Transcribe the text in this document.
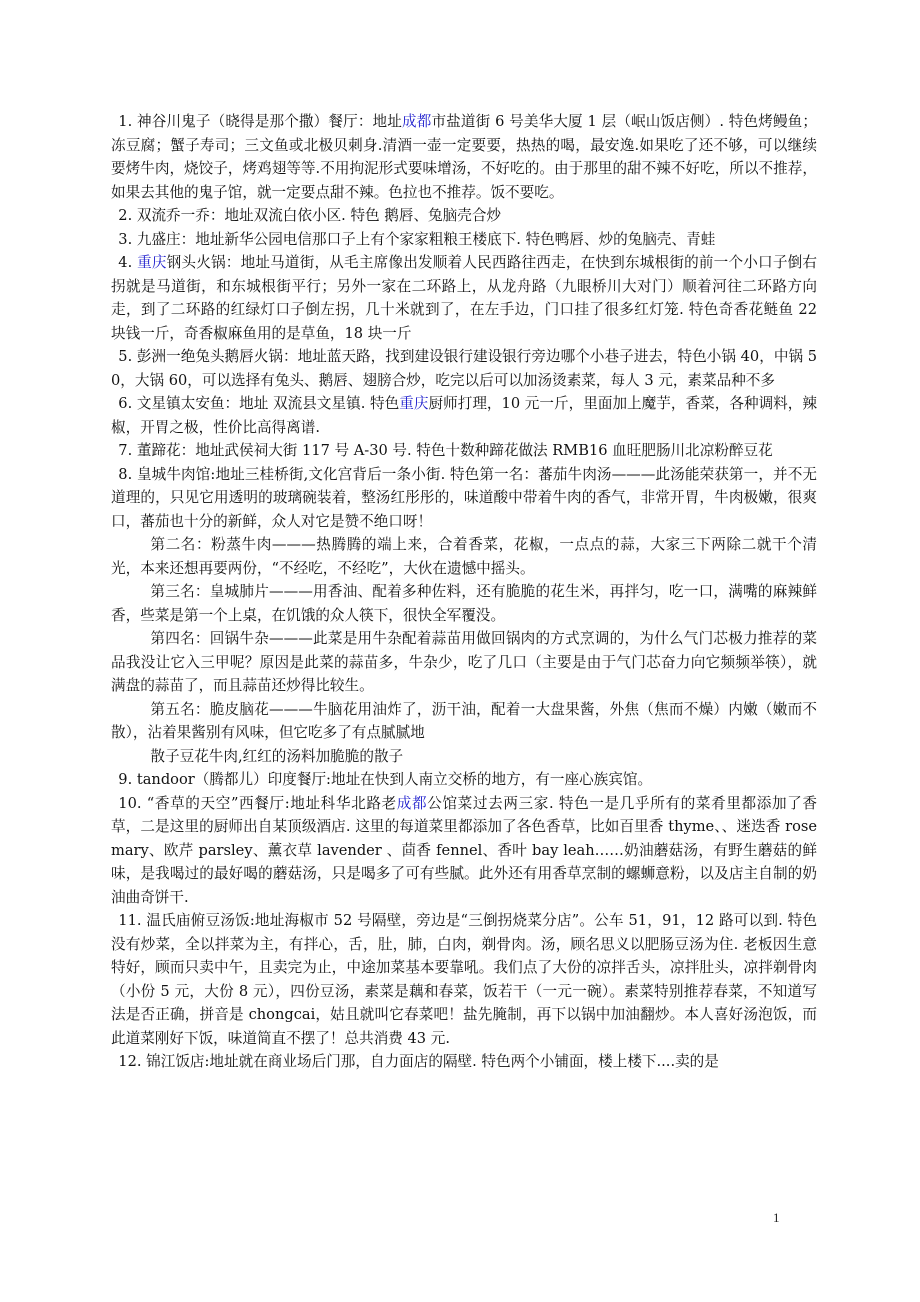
1. 神谷川鬼子（晓得是那个撒）餐厅：地址成都市盐道街 6 号美华大厦 1 层（岷山饭店侧）. 特色烤鳗鱼；冻豆腐；蟹子寿司；三文鱼或北极贝刺身.清酒一壶一定要要，热热的喝，最安逸.如果吃了还不够，可以继续要烤牛肉，烧饺子，烤鸡翅等等.不用拘泥形式要味增汤，不好吃的。由于那里的甜不辣不好吃，所以不推荐，如果去其他的鬼子馆，就一定要点甜不辣。色拉也不推荐。饭不要吃。

2. 双流乔一乔：地址双流白依小区. 特色 鹅唇、兔脑壳合炒

3. 九盛庄：地址新华公园电信那口子上有个家家粗粮王楼底下. 特色鸭唇、炒的兔脑壳、青蛙

4. 重庆钢头火锅：地址马道街，从毛主席像出发顺着人民西路往西走，在快到东城根街的前一个小口子倒右拐就是马道街，和东城根街平行；另外一家在二环路上，从龙舟路（九眼桥川大对门）顺着河往二环路方向走，到了二环路的红绿灯口子倒左拐，几十米就到了，在左手边，门口挂了很多红灯笼. 特色奇香花鲢鱼 22 块钱一斤，奇香椒麻鱼用的是草鱼，18 块一斤

5. 彭洲一绝兔头鹅唇火锅：地址蓝天路，找到建设银行建设银行旁边哪个小巷子进去，特色小锅 40，中锅 50，大锅 60，可以选择有兔头、鹅唇、翅膀合炒，吃完以后可以加汤烫素菜，每人 3 元，素菜品种不多

6. 文星镇太安鱼：地址 双流县文星镇. 特色重庆厨师打理，10 元一斤，里面加上魔芋，香菜，各种调料，辣椒，开胃之极，性价比高得离谱.

7. 董蹄花：地址武侯祠大街 117 号 A-30 号. 特色十数种蹄花做法 RMB16 血旺肥肠川北凉粉醉豆花

8. 皇城牛肉馆:地址三桂桥街,文化宫背后一条小街. 特色第一名：蕃茄牛肉汤———此汤能荣获第一，并不无道理的，只见它用透明的玻璃碗装着，整汤红彤彤的，味道酸中带着牛肉的香气，非常开胃，牛肉极嫩，很爽口，蕃茄也十分的新鲜，众人对它是赞不绝口呀！

第二名：粉蒸牛肉———热腾腾的端上来，合着香菜，花椒，一点点的蒜，大家三下两除二就干个清光，本来还想再要两份，“不经吃，不经吃”，大伙在遗憾中摇头。

第三名：皇城肺片———用香油、配着多种佐料，还有脆脆的花生米，再拌匀，吃一口，满嘴的麻辣鲜香，些菜是第一个上桌，在饥饿的众人筷下，很快全军覆没。

第四名：回锅牛杂———此菜是用牛杂配着蒜苗用做回锅肉的方式烹调的，为什么气门芯极力推荐的菜品我没让它入三甲呢？原因是此菜的蒜苗多，牛杂少，吃了几口（主要是由于气门芯奋力向它频频举筷），就满盘的蒜苗了，而且蒜苗还炒得比较生。

第五名：脆皮脑花———牛脑花用油炸了，沥干油，配着一大盘果酱，外焦（焦而不燥）内嫩（嫩而不散），沾着果酱别有风味，但它吃多了有点腻腻地

散子豆花牛肉,红红的汤料加脆脆的散子

9. tandoor（腾都儿）印度餐厅:地址在快到人南立交桥的地方，有一座心族宾馆。

10. “香草的天空”西餐厅:地址科华北路老成都公馆菜过去两三家. 特色一是几乎所有的菜肴里都添加了香草，二是这里的厨师出自某顶级酒店. 这里的每道菜里都添加了各色香草，比如百里香 thyme、、迷迭香 rosemary、欧芹 parsley、薰衣草 lavender 、茴香 fennel、香叶 bay leah……奶油蘑菇汤，有野生蘑菇的鲜味，是我喝过的最好喝的蘑菇汤，只是喝多了可有些腻。此外还有用香草烹制的螺蛳意粉，以及店主自制的奶油曲奇饼干.

11. 温氏庙俯豆汤饭:地址海椒市 52 号隔壁，旁边是“三倒拐烧菜分店”。公车 51，91，12 路可以到. 特色没有炒菜，全以拌菜为主，有拌心，舌，肚，肺，白肉，剃骨肉。汤，顾名思义以肥肠豆汤为住. 老板因生意特好，顾而只卖中午，且卖完为止，中途加菜基本要靠吼。我们点了大份的凉拌舌头，凉拌肚头，凉拌剃骨肉（小份 5 元，大份 8 元），四份豆汤，素菜是藕和春菜，饭若干（一元一碗）。素菜特别推荐春菜，不知道写法是否正确，拼音是 chongcai，姑且就叫它春菜吧！盐先腌制，再下以锅中加油翻炒。本人喜好汤泡饭，而此道菜刚好下饭，味道简直不摆了！总共消费 43 元.

12. 锦江饭店:地址就在商业场后门那，自力面店的隔壁. 特色两个小铺面，楼上楼下....卖的是

1
